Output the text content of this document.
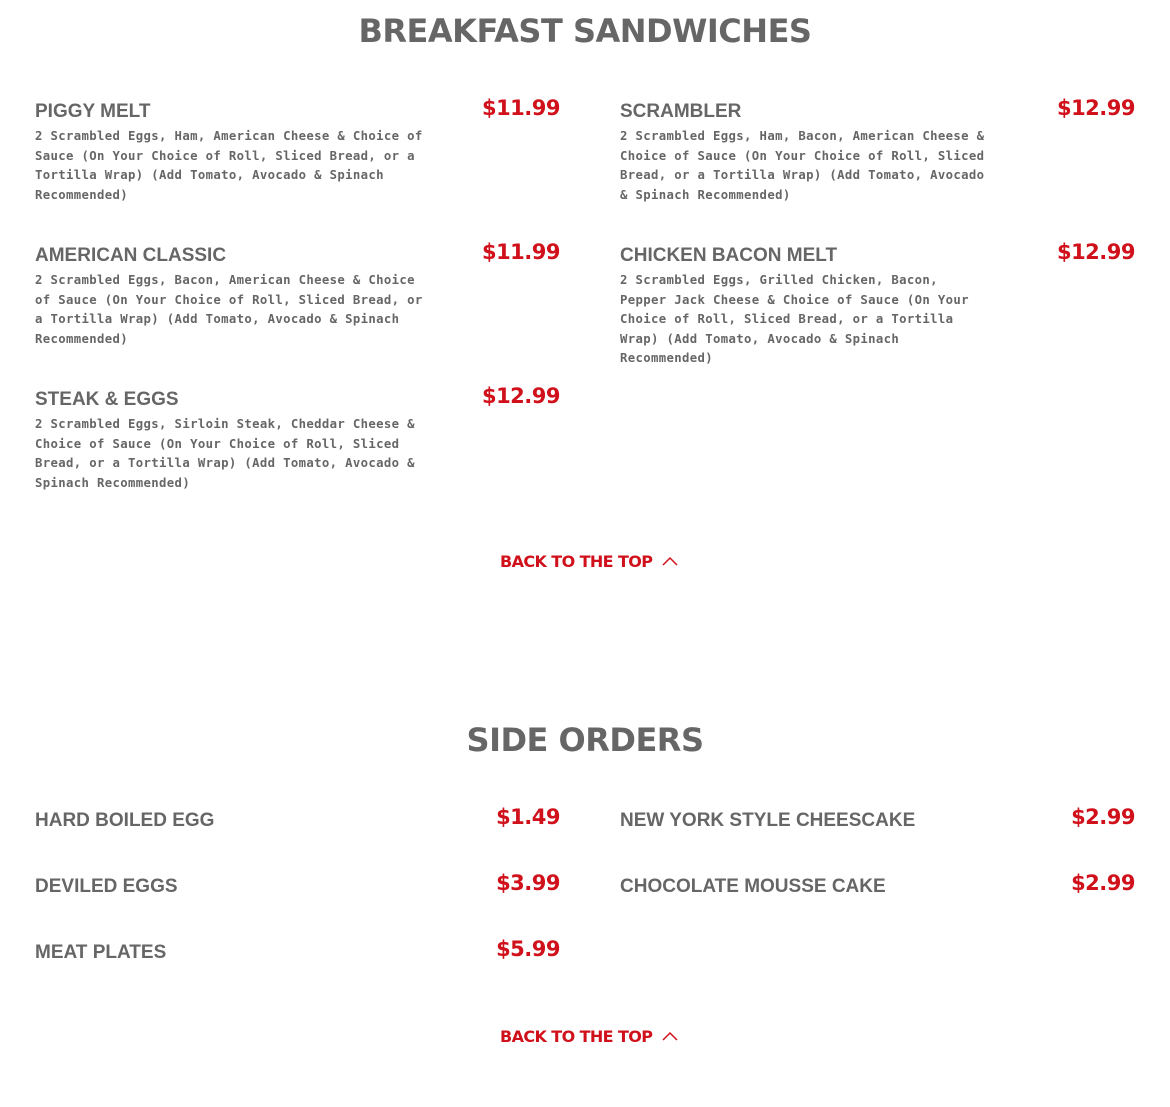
BREAKFAST SANDWICHES
PIGGY MELT	$11.99
2 Scrambled Eggs, Ham, American Cheese & Choice of Sauce (On Your Choice of Roll, Sliced Bread, or a Tortilla Wrap) (Add Tomato, Avocado & Spinach Recommended)
SCRAMBLER	$12.99
2 Scrambled Eggs, Ham, Bacon, American Cheese & Choice of Sauce (On Your Choice of Roll, Sliced Bread, or a Tortilla Wrap) (Add Tomato, Avocado & Spinach Recommended)
AMERICAN CLASSIC	$11.99
2 Scrambled Eggs, Bacon, American Cheese & Choice of Sauce (On Your Choice of Roll, Sliced Bread, or a Tortilla Wrap) (Add Tomato, Avocado & Spinach Recommended)
CHICKEN BACON MELT	$12.99
2 Scrambled Eggs, Grilled Chicken, Bacon, Pepper Jack Cheese & Choice of Sauce (On Your Choice of Roll, Sliced Bread, or a Tortilla Wrap) (Add Tomato, Avocado & Spinach Recommended)
STEAK & EGGS	$12.99
2 Scrambled Eggs, Sirloin Steak, Cheddar Cheese & Choice of Sauce (On Your Choice of Roll, Sliced Bread, or a Tortilla Wrap) (Add Tomato, Avocado & Spinach Recommended)
BACK TO THE TOP
SIDE ORDERS
HARD BOILED EGG	$1.49	NEW YORK STYLE CHEESCAKE	$2.99
DEVILED EGGS	$3.99	CHOCOLATE MOUSSE CAKE	$2.99
MEAT PLATES	$5.99
BACK TO THE TOP
